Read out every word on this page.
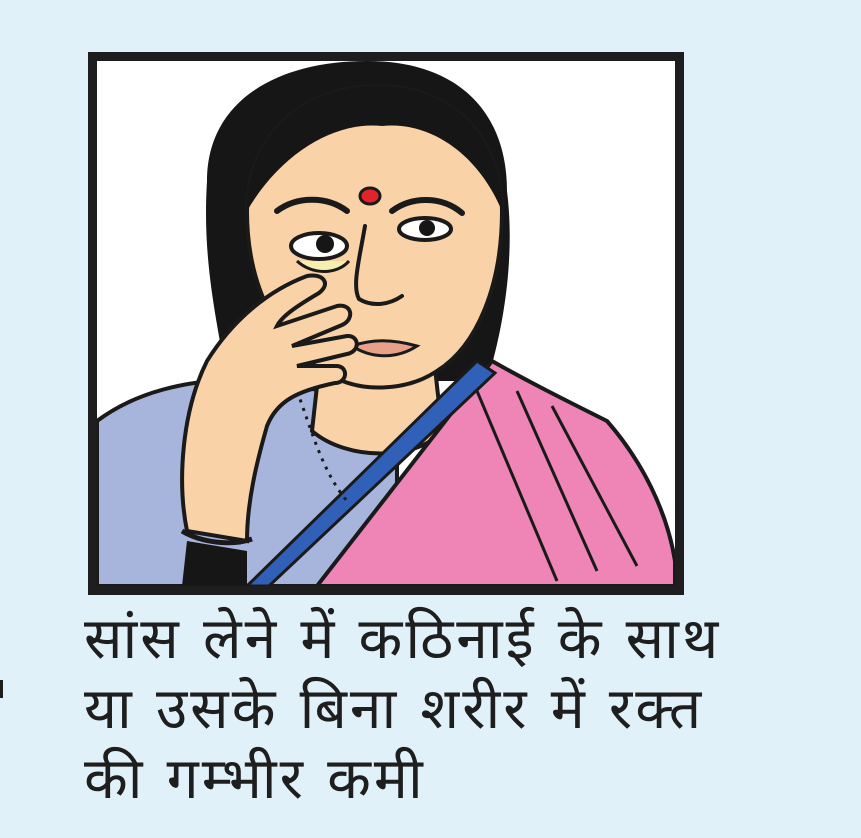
सांस लेने में कठिनाई के साथ
या उसके बिना शरीर में रक्त
की गम्भीर कमी
